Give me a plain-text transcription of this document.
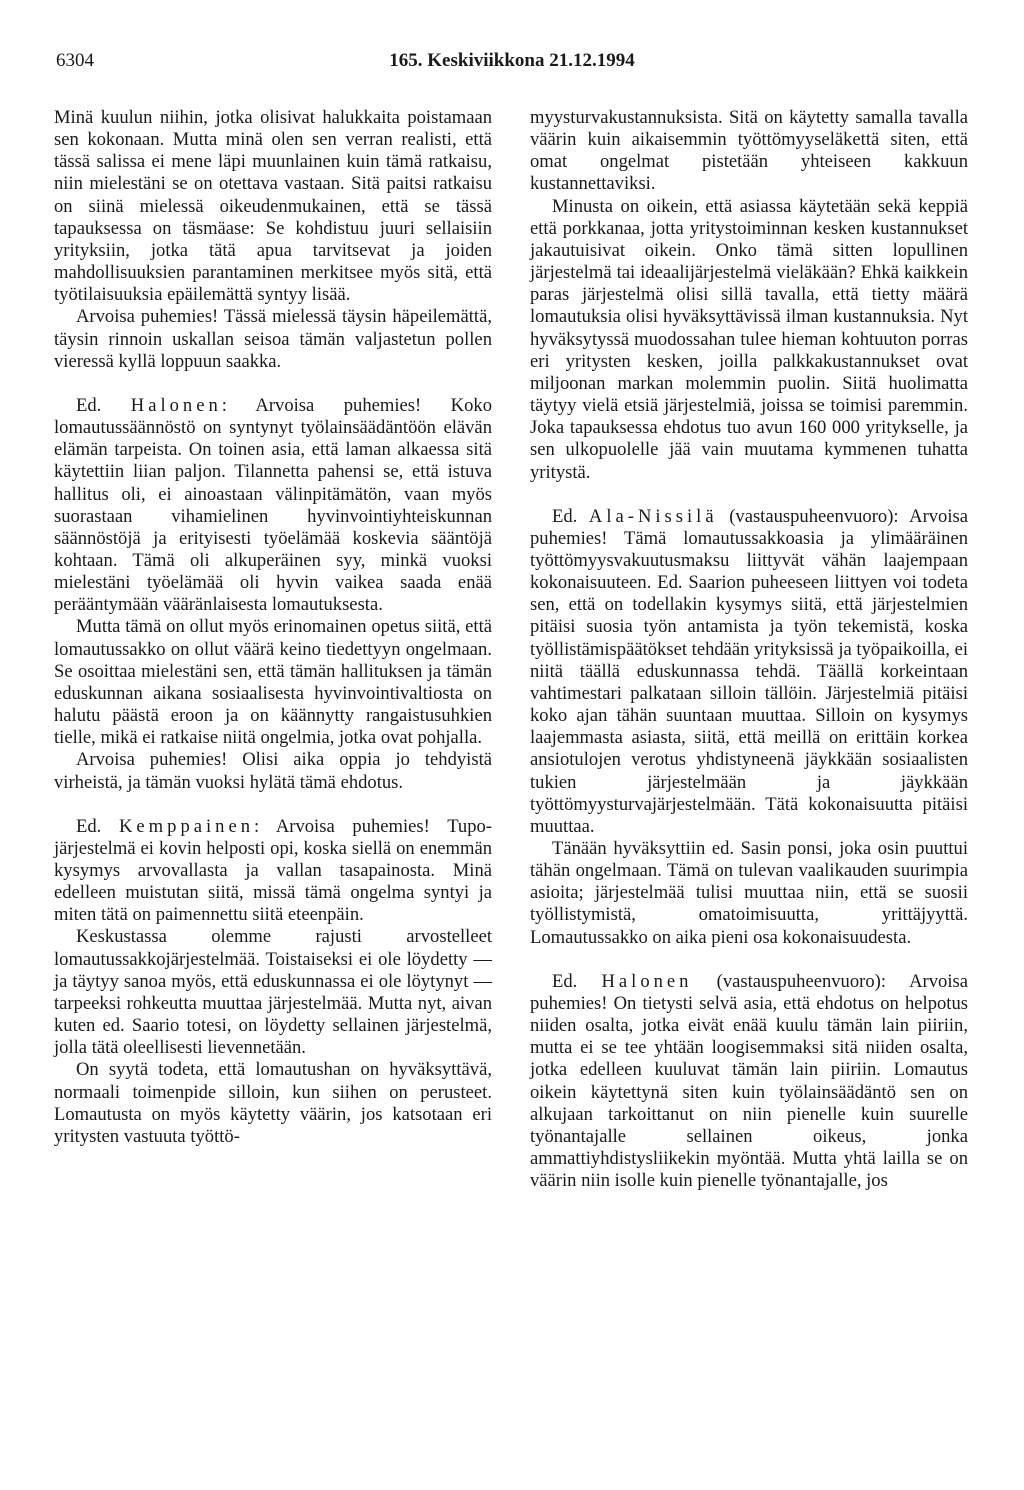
6304	165. Keskiviikkona 21.12.1994

Minä kuulun niihin, jotka olisivat halukkaita poistamaan sen kokonaan. Mutta minä olen sen verran realisti, että tässä salissa ei mene läpi muunlainen kuin tämä ratkaisu, niin mielestäni se on otettava vastaan. Sitä paitsi ratkaisu on siinä mielessä oikeudenmukainen, että se tässä tapauksessa on täsmäase: Se kohdistuu juuri sellaisiin yrityksiin, jotka tätä apua tarvitsevat ja joiden mahdollisuuksien parantaminen merkitsee myös sitä, että työtilaisuuksia epäilemättä syntyy lisää.

Arvoisa puhemies! Tässä mielessä täysin häpeilemättä, täysin rinnoin uskallan seisoa tämän valjastetun pollen vieressä kyllä loppuun saakka.

Ed. Halonen: Arvoisa puhemies! Koko lomautussäännöstö on syntynyt työlainsäädäntöön elävän elämän tarpeista. On toinen asia, että laman alkaessa sitä käytettiin liian paljon. Tilannetta pahensi se, että istuva hallitus oli, ei ainoastaan välinpitämätön, vaan myös suorastaan vihamielinen hyvinvointiyhteiskunnan säännöstöjä ja erityisesti työelämää koskevia sääntöjä kohtaan. Tämä oli alkuperäinen syy, minkä vuoksi mielestäni työelämää oli hyvin vaikea saada enää perääntymään vääränlaisesta lomautuksesta.

Mutta tämä on ollut myös erinomainen opetus siitä, että lomautussakko on ollut väärä keino tiedettyyn ongelmaan. Se osoittaa mielestäni sen, että tämän hallituksen ja tämän eduskunnan aikana sosiaalisesta hyvinvointivaltiosta on halutu päästä eroon ja on käännytty rangaistusuhkien tielle, mikä ei ratkaise niitä ongelmia, jotka ovat pohjalla.

Arvoisa puhemies! Olisi aika oppia jo tehdyistä virheistä, ja tämän vuoksi hylätä tämä ehdotus.

Ed. Kemppainen: Arvoisa puhemies! Tupo-järjestelmä ei kovin helposti opi, koska siellä on enemmän kysymys arvovallasta ja vallan tasapainosta. Minä edelleen muistutan siitä, missä tämä ongelma syntyi ja miten tätä on paimennettu siitä eteenpäin.

Keskustassa olemme rajusti arvostelleet lomautussakkojärjestelmää. Toistaiseksi ei ole löydetty — ja täytyy sanoa myös, että eduskunnassa ei ole löytynyt — tarpeeksi rohkeutta muuttaa järjestelmää. Mutta nyt, aivan kuten ed. Saario totesi, on löydetty sellainen järjestelmä, jolla tätä oleellisesti lievennetään.

On syytä todeta, että lomautushan on hyväksyttävä, normaali toimenpide silloin, kun siihen on perusteet. Lomautusta on myös käytetty väärin, jos katsotaan eri yritysten vastuuta työttö-

myysturvakustannuksista. Sitä on käytetty samalla tavalla väärin kuin aikaisemmin työttömyyseläkettä siten, että omat ongelmat pistetään yhteiseen kakkuun kustannettaviksi.

Minusta on oikein, että asiassa käytetään sekä keppiä että porkkanaa, jotta yritystoiminnan kesken kustannukset jakautuisivat oikein. Onko tämä sitten lopullinen järjestelmä tai ideaalijärjestelmä vieläkään? Ehkä kaikkein paras järjestelmä olisi sillä tavalla, että tietty määrä lomautuksia olisi hyväksyttävissä ilman kustannuksia. Nyt hyväksytyssä muodossahan tulee hieman kohtuuton porras eri yritysten kesken, joilla palkkakustannukset ovat miljoonan markan molemmin puolin. Siitä huolimatta täytyy vielä etsiä järjestelmiä, joissa se toimisi paremmin. Joka tapauksessa ehdotus tuo avun 160 000 yritykselle, ja sen ulkopuolelle jää vain muutama kymmenen tuhatta yritystä.

Ed. Ala-Nissilä (vastauspuheenvuoro): Arvoisa puhemies! Tämä lomautussakkoasia ja ylimääräinen työttömyysvakuutusmaksu liittyvät vähän laajempaan kokonaisuuteen. Ed. Saarion puheeseen liittyen voi todeta sen, että on todellakin kysymys siitä, että järjestelmien pitäisi suosia työn antamista ja työn tekemistä, koska työllistämispäätökset tehdään yrityksissä ja työpaikoilla, ei niitä täällä eduskunnassa tehdä. Täällä korkeintaan vahtimestari palkataan silloin tällöin. Järjestelmiä pitäisi koko ajan tähän suuntaan muuttaa. Silloin on kysymys laajemmasta asiasta, siitä, että meillä on erittäin korkea ansiotulojen verotus yhdistyneenä jäykkään sosiaalisten tukien järjestelmään ja jäykkään työttömyysturvajärjestelmään. Tätä kokonaisuutta pitäisi muuttaa.

Tänään hyväksyttiin ed. Sasin ponsi, joka osin puuttui tähän ongelmaan. Tämä on tulevan vaalikauden suurimpia asioita; järjestelmää tulisi muuttaa niin, että se suosii työllistymistä, omatoimisuutta, yrittäjyyttä. Lomautussakko on aika pieni osa kokonaisuudesta.

Ed. Halonen (vastauspuheenvuoro): Arvoisa puhemies! On tietysti selvä asia, että ehdotus on helpotus niiden osalta, jotka eivät enää kuulu tämän lain piiriin, mutta ei se tee yhtään loogisemmaksi sitä niiden osalta, jotka edelleen kuuluvat tämän lain piiriin. Lomautus oikein käytettynä siten kuin työlainsäädäntö sen on alkujaan tarkoittanut on niin pienelle kuin suurelle työnantajalle sellainen oikeus, jonka ammattiyhdistysliikekin myöntää. Mutta yhtä lailla se on väärin niin isolle kuin pienelle työnantajalle, jos
